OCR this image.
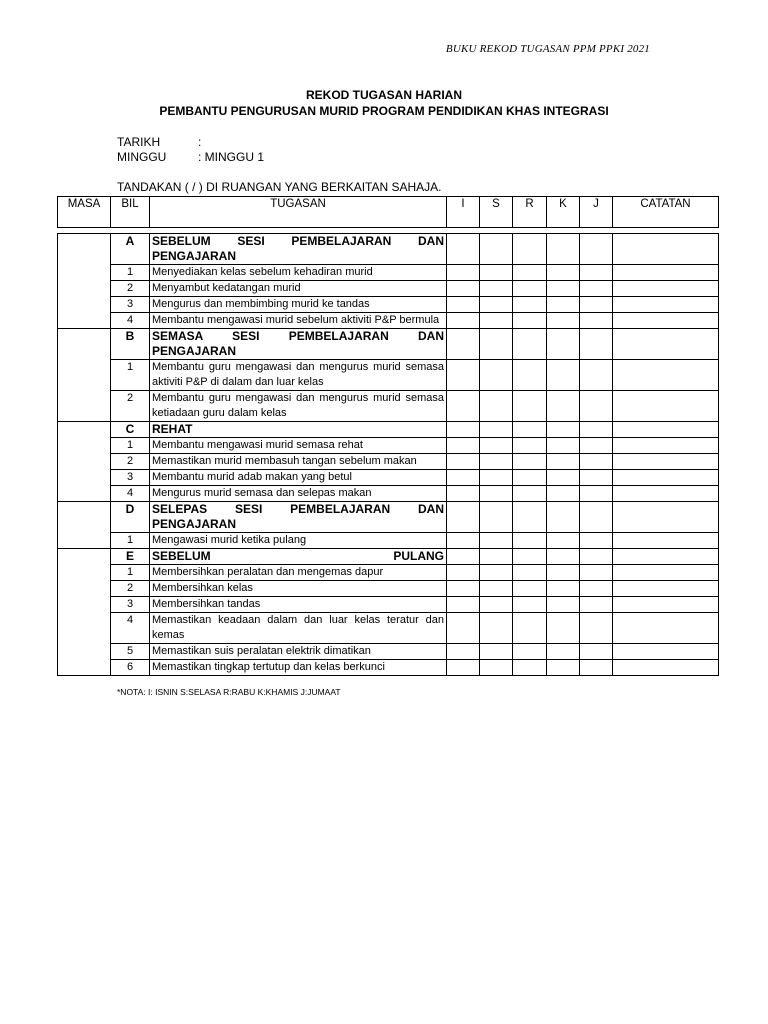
BUKU REKOD TUGASAN PPM PPKI 2021
REKOD TUGASAN HARIAN
PEMBANTU PENGURUSAN MURID PROGRAM PENDIDIKAN KHAS INTEGRASI
TARIKH	:
MINGGU	: MINGGU 1
TANDAKAN ( / ) DI RUANGAN YANG BERKAITAN SAHAJA.
MASA	BIL	TUGASAN	I	S	R	K	J	CATATAN

	A	SEBELUM SESI PEMBELAJARAN DAN PENGAJARAN						
	1	Menyediakan kelas sebelum kehadiran murid						
	2	Menyambut kedatangan murid						
	3	Mengurus dan membimbing murid ke tandas						
	4	Membantu mengawasi murid sebelum aktiviti P&P bermula						
	B	SEMASA SESI PEMBELAJARAN DAN PENGAJARAN						
	1	Membantu guru mengawasi dan mengurus murid semasa aktiviti P&P di dalam dan luar kelas						
	2	Membantu guru mengawasi dan mengurus murid semasa ketiadaan guru dalam kelas						
	C	REHAT						
	1	Membantu mengawasi murid semasa rehat						
	2	Memastikan murid membasuh tangan sebelum makan						
	3	Membantu murid adab makan yang betul						
	4	Mengurus murid semasa dan selepas makan						
	D	SELEPAS SESI PEMBELAJARAN DAN PENGAJARAN						
	1	Mengawasi murid ketika pulang						
	E	SEBELUM PULANG						
	1	Membersihkan peralatan dan mengemas dapur						
	2	Membersihkan kelas						
	3	Membersihkan tandas						
	4	Memastikan keadaan dalam dan luar kelas teratur dan kemas						
	5	Memastikan suis peralatan elektrik dimatikan						
	6	Memastikan tingkap tertutup dan kelas berkunci						
*NOTA: I: ISNIN S:SELASA R:RABU K:KHAMIS J:JUMAAT
